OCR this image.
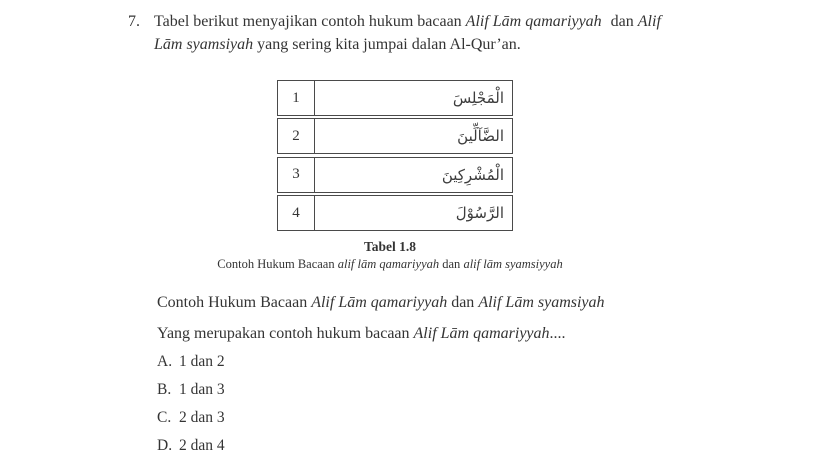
7. Tabel berikut menyajikan contoh hukum bacaan Alif Lām qamariyyah dan Alif Lām syamsiyah yang sering kita jumpai dalan Al-Qur’an.
1	الْمَجْلِسَ
2	الضَّآلِّينَ
3	الْمُشْرِكِينَ
4	الرَّسُوْلَ
Tabel 1.8
Contoh Hukum Bacaan alif lām qamariyyah dan alif lām syamsiyyah
Contoh Hukum Bacaan Alif Lām qamariyyah dan Alif Lām syamsiyah
Yang merupakan contoh hukum bacaan Alif Lām qamariyyah....
A. 1 dan 2
B. 1 dan 3
C. 2 dan 3
D. 2 dan 4
